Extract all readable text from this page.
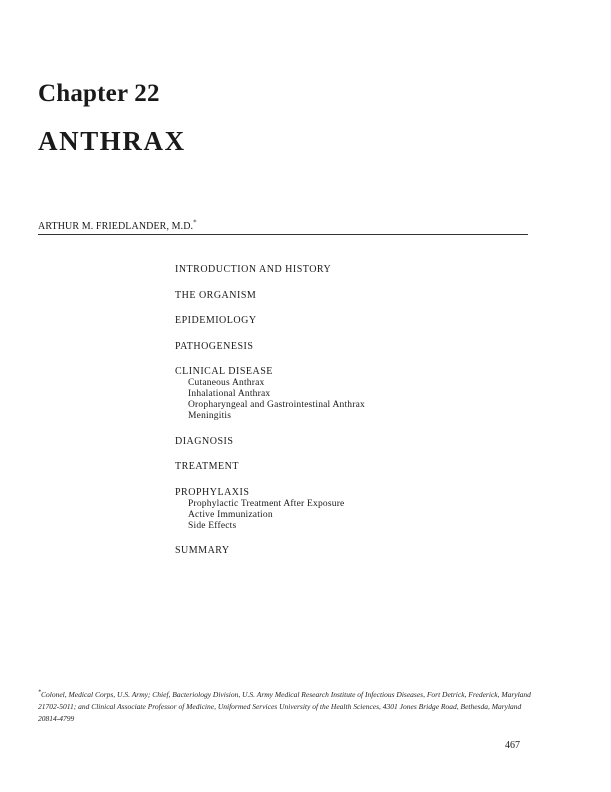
Chapter 22
ANTHRAX
ARTHUR M. FRIEDLANDER, M.D.*
INTRODUCTION AND HISTORY
THE ORGANISM
EPIDEMIOLOGY
PATHOGENESIS
CLINICAL DISEASE
Cutaneous Anthrax
Inhalational Anthrax
Oropharyngeal and Gastrointestinal Anthrax
Meningitis
DIAGNOSIS
TREATMENT
PROPHYLAXIS
Prophylactic Treatment After Exposure
Active Immunization
Side Effects
SUMMARY
*Colonel, Medical Corps, U.S. Army; Chief, Bacteriology Division, U.S. Army Medical Research Institute of Infectious Diseases, Fort Detrick, Frederick, Maryland 21702-5011; and Clinical Associate Professor of Medicine, Uniformed Services University of the Health Sciences, 4301 Jones Bridge Road, Bethesda, Maryland 20814-4799
467
